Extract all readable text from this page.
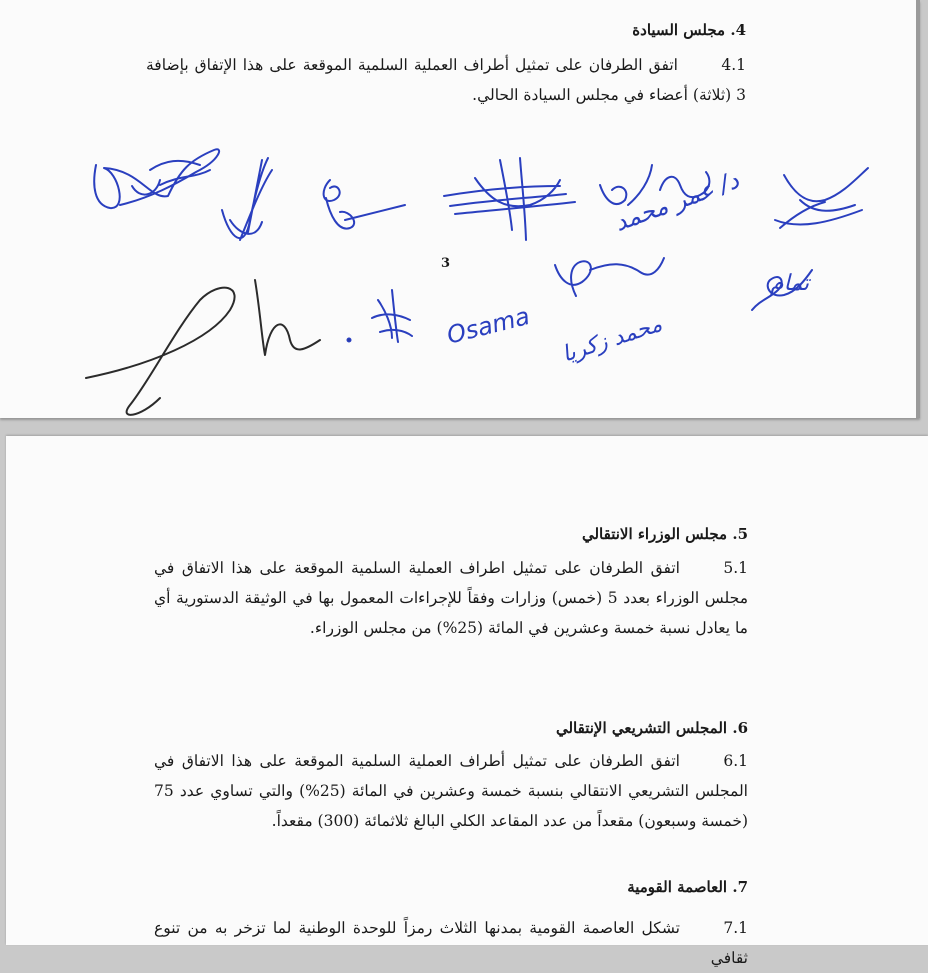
4. مجلس السيادة
4.1اتفق الطرفان على تمثيل أطراف العملية السلمية الموقعة على هذا الإتفاق بإضافة 3 (ثلاثة) أعضاء في مجلس السيادة الحالي.
3
د/ عمر محمد
Osama محمد زكريا
تمام
5. مجلس الوزراء الانتقالي
5.1اتفق الطرفان على تمثيل اطراف العملية السلمية الموقعة على هذا الاتفاق في مجلس الوزراء بعدد 5 (خمس) وزارات وفقاً للإجراءات المعمول بها في الوثيقة الدستورية أي ما يعادل نسبة خمسة وعشرين في المائة (25%) من مجلس الوزراء.
6. المجلس التشريعي الإنتقالي
6.1اتفق الطرفان على تمثيل أطراف العملية السلمية الموقعة على هذا الاتفاق في المجلس التشريعي الانتقالي بنسبة خمسة وعشرين في المائة (25%) والتي تساوي عدد 75 (خمسة وسبعون) مقعداً من عدد المقاعد الكلي البالغ ثلاثمائة (300) مقعداً.
7. العاصمة القومية
7.1تشكل العاصمة القومية بمدنها الثلاث رمزاً للوحدة الوطنية لما تزخر به من تنوع ثقافي
